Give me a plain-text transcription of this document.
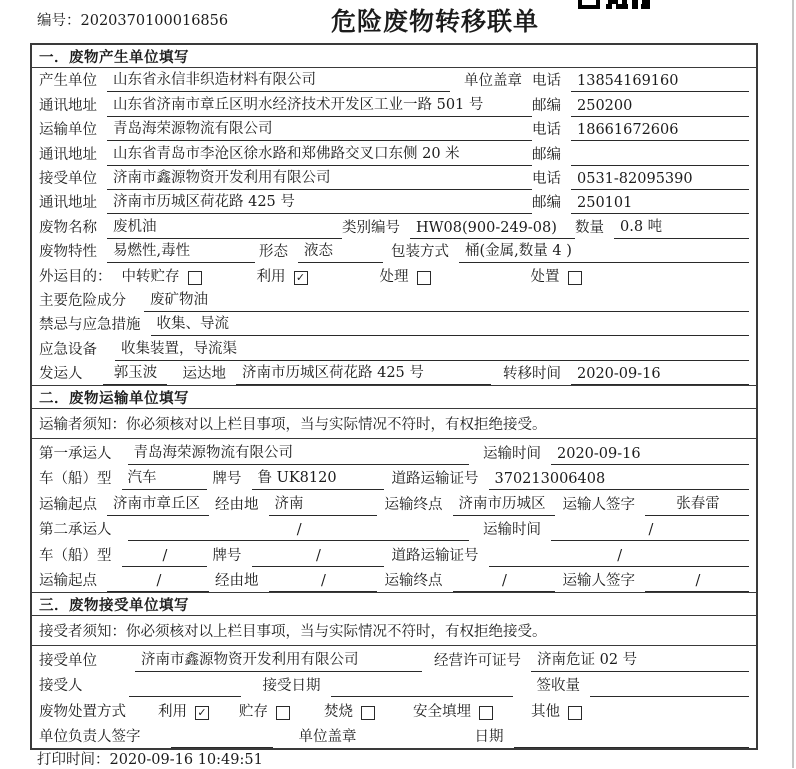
编号：2020370100016856	危险废物转移联单
一．废物产生单位填写
产生单位	山东省永信非织造材料有限公司	单位盖章 电话	13854169160
通讯地址	山东省济南市章丘区明水经济技术开发区工业一路 501 号	邮编	250200
运输单位	青岛海荣源物流有限公司	电话	18661672606
通讯地址	山东省青岛市李沧区徐水路和郑佛路交叉口东侧 20 米	邮编
接受单位	济南市鑫源物资开发利用有限公司	电话	0531-82095390
通讯地址	济南市历城区荷花路 425 号	邮编	250101
废物名称	废机油	类别编号	HW08(900-249-08)	数量	0.8 吨
废物特性	易燃性,毒性	形态	液态	包装方式	桶(金属,数量 4 )
外运目的： 中转贮存	利用 ✓	处理	处置
主要危险成分	废矿物油
禁忌与应急措施	收集、导流
应急设备	收集装置，导流渠
发运人	郭玉波	运达地	济南市历城区荷花路 425 号	转移时间	2020-09-16
二．废物运输单位填写
运输者须知：你必须核对以上栏目事项，当与实际情况不符时，有权拒绝接受。
第一承运人	青岛海荣源物流有限公司	运输时间	2020-09-16
车（船）型	汽车	牌号	鲁 UK8120	道路运输证号	370213006408
运输起点	济南市章丘区	经由地	济南	运输终点	济南市历城区	运输人签字	张春雷
第二承运人	/	运输时间	/
车（船）型	/	牌号	/	道路运输证号	/
运输起点	/	经由地	/	运输终点	/	运输人签字	/
三．废物接受单位填写
接受者须知：你必须核对以上栏目事项，当与实际情况不符时，有权拒绝接受。
接受单位	济南市鑫源物资开发利用有限公司	经营许可证号	济南危证 02 号
接受人	接受日期	签收量
废物处置方式 利用 ✓ 贮存	焚烧	安全填埋	其他
单位负责人签字	单位盖章	日期
打印时间：2020-09-16 10:49:51
